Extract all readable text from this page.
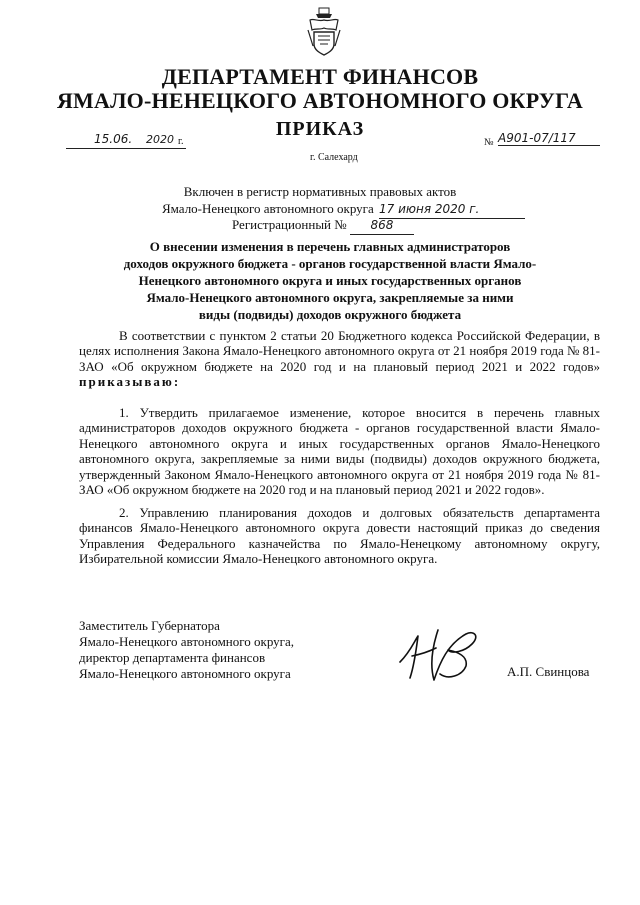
ДЕПАРТАМЕНТ ФИНАНСОВ
ЯМАЛО-НЕНЕЦКОГО АВТОНОМНОГО ОКРУГА
ПРИКАЗ
15.06. 2020 г.	№ А901-07/117
г. Салехард
Включен в регистр нормативных правовых актов
Ямало-Ненецкого автономного округа 17 июня 2020 г.
Регистрационный № 868
О внесении изменения в перечень главных администраторов
доходов окружного бюджета - органов государственной власти Ямало-
Ненецкого автономного округа и иных государственных органов
Ямало-Ненецкого автономного округа, закрепляемые за ними
виды (подвиды) доходов окружного бюджета

В соответствии с пунктом 2 статьи 20 Бюджетного кодекса Российской Федерации, в целях исполнения Закона Ямало-Ненецкого автономного округа от 21 ноября 2019 года № 81-ЗАО «Об окружном бюджете на 2020 год и на плановый период 2021 и 2022 годов» приказываю:

1. Утвердить прилагаемое изменение, которое вносится в перечень главных администраторов доходов окружного бюджета - органов государственной власти Ямало-Ненецкого автономного округа и иных государственных органов Ямало-Ненецкого автономного округа, закрепляемые за ними виды (подвиды) доходов окружного бюджета, утвержденный Законом Ямало-Ненецкого автономного округа от 21 ноября 2019 года № 81-ЗАО «Об окружном бюджете на 2020 год и на плановый период 2021 и 2022 годов».

2. Управлению планирования доходов и долговых обязательств департамента финансов Ямало-Ненецкого автономного округа довести настоящий приказ до сведения Управления Федерального казначейства по Ямало-Ненецкому автономному округу, Избирательной комиссии Ямало-Ненецкого автономного округа.

Заместитель Губернатора
Ямало-Ненецкого автономного округа,
директор департамента финансов
Ямало-Ненецкого автономного округа	А.П. Свинцова
